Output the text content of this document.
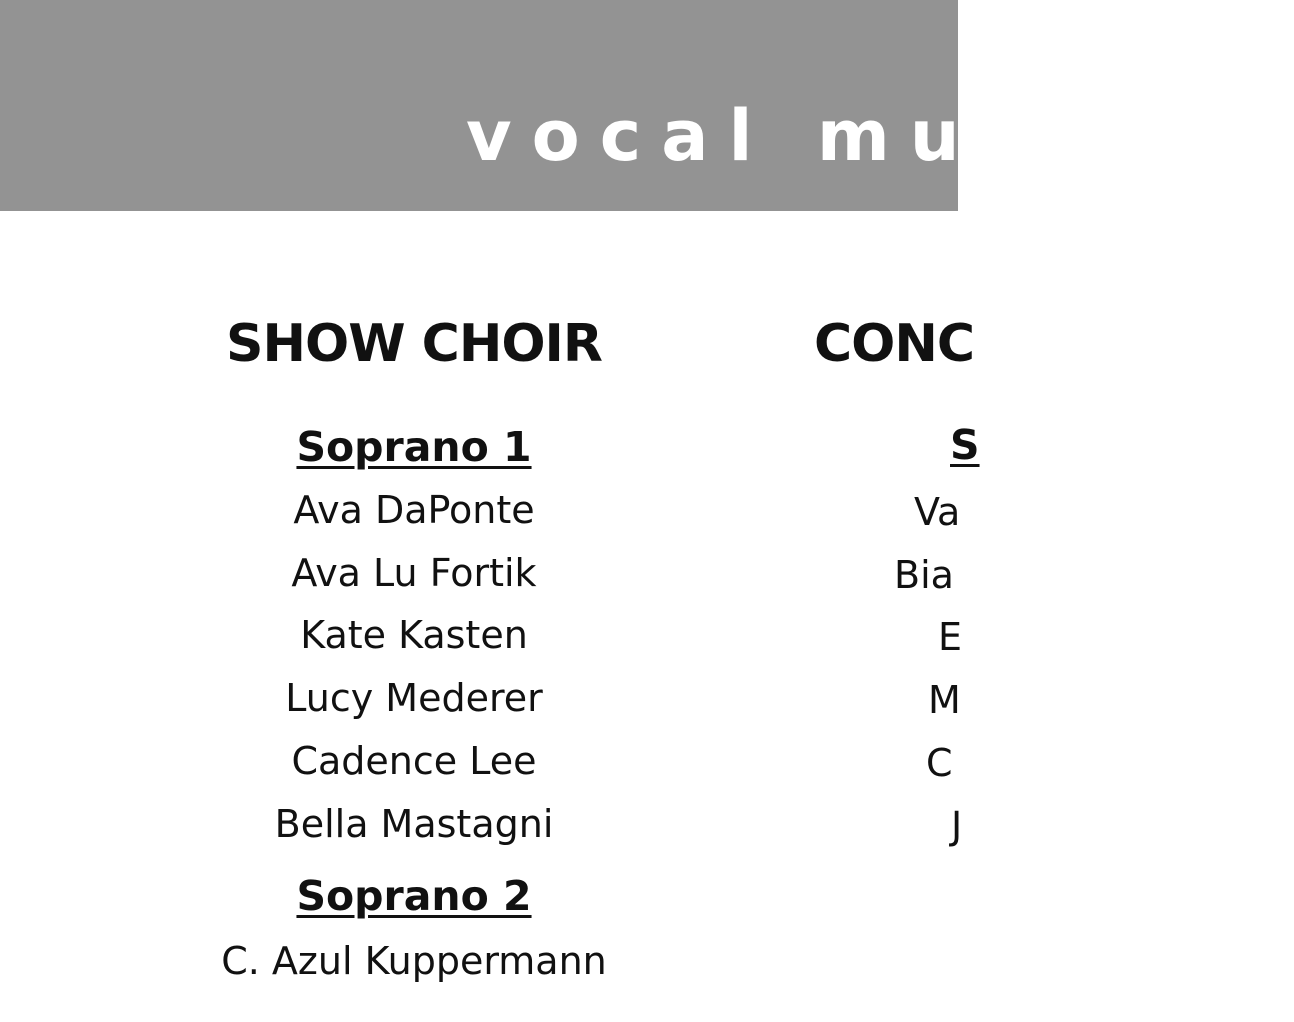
vocal mus
SHOW CHOIR
Soprano 1
Ava DaPonte
Ava Lu Fortik
Kate Kasten
Lucy Mederer
Cadence Lee
Bella Mastagni
Soprano 2
C. Azul Kuppermann
CONC
S
Va
Bia
E
M
C
J
